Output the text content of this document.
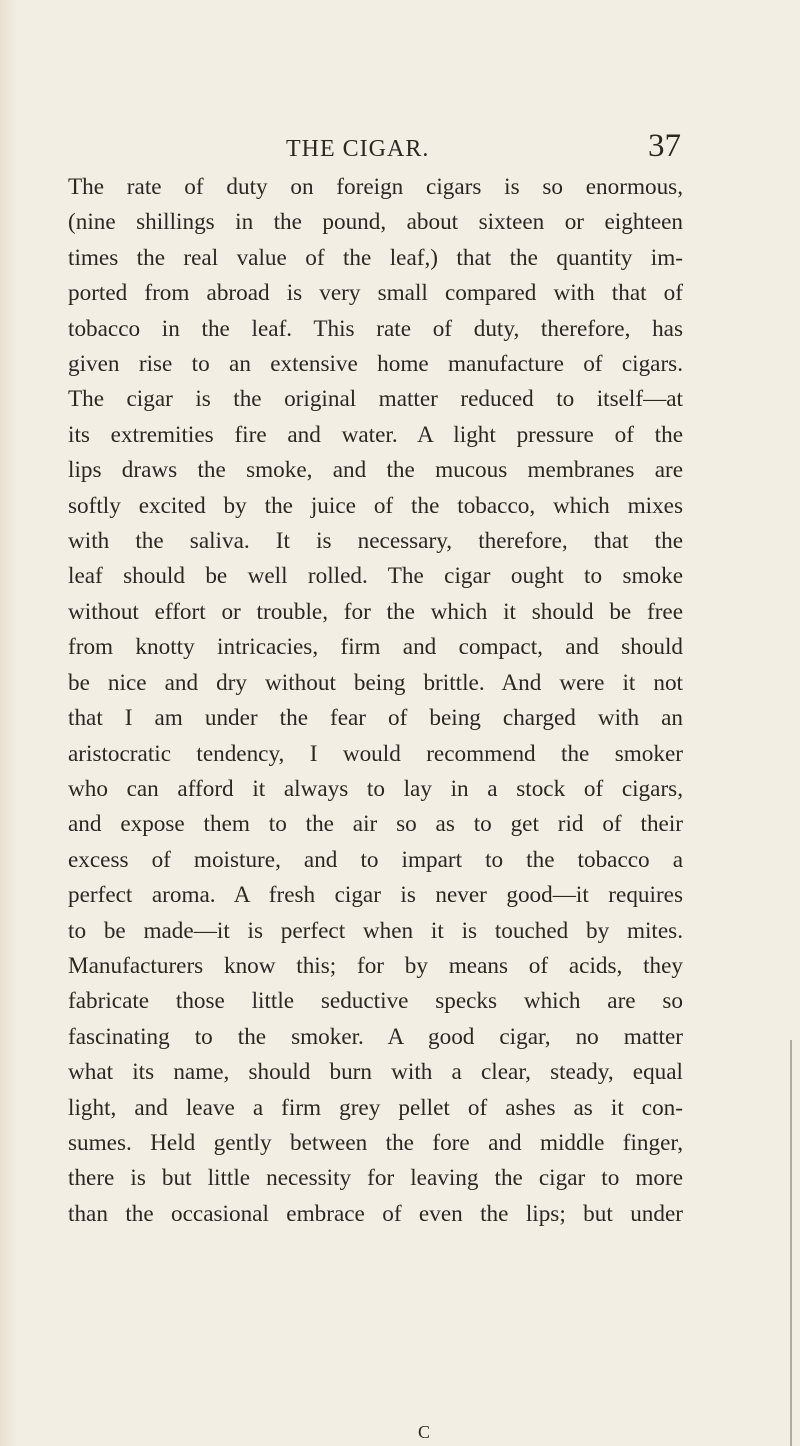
THE CIGAR.	37
The rate of duty on foreign cigars is so enormous,
(nine shillings in the pound, about sixteen or eighteen
times the real value of the leaf,) that the quantity im-
ported from abroad is very small compared with that of
tobacco in the leaf. This rate of duty, therefore, has
given rise to an extensive home manufacture of cigars.
The cigar is the original matter reduced to itself—at
its extremities fire and water. A light pressure of the
lips draws the smoke, and the mucous membranes are
softly excited by the juice of the tobacco, which mixes
with the saliva. It is necessary, therefore, that the
leaf should be well rolled. The cigar ought to smoke
without effort or trouble, for the which it should be free
from knotty intricacies, firm and compact, and should
be nice and dry without being brittle. And were it not
that I am under the fear of being charged with an
aristocratic tendency, I would recommend the smoker
who can afford it always to lay in a stock of cigars,
and expose them to the air so as to get rid of their
excess of moisture, and to impart to the tobacco a
perfect aroma. A fresh cigar is never good—it requires
to be made—it is perfect when it is touched by mites.
Manufacturers know this; for by means of acids, they
fabricate those little seductive specks which are so
fascinating to the smoker. A good cigar, no matter
what its name, should burn with a clear, steady, equal
light, and leave a firm grey pellet of ashes as it con-
sumes. Held gently between the fore and middle finger,
there is but little necessity for leaving the cigar to more
than the occasional embrace of even the lips; but under
C
